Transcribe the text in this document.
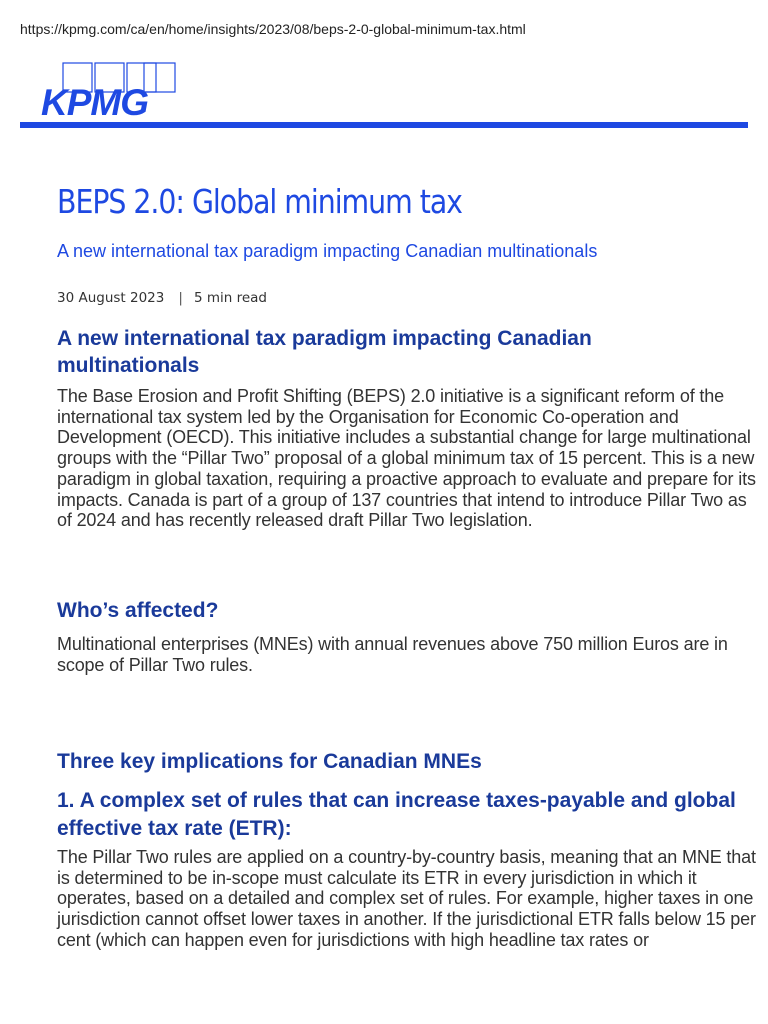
https://kpmg.com/ca/en/home/insights/2023/08/beps-2-0-global-minimum-tax.html
KPMG
BEPS 2.0: Global minimum tax

A new international tax paradigm impacting Canadian multinationals

30 August 2023 | 5 min read
A new international tax paradigm impacting Canadian multinationals

The Base Erosion and Profit Shifting (BEPS) 2.0 initiative is a significant reform of the international tax system led by the Organisation for Economic Co-operation and Development (OECD). This initiative includes a substantial change for large multinational groups with the “Pillar Two” proposal of a global minimum tax of 15 percent. This is a new paradigm in global taxation, requiring a proactive approach to evaluate and prepare for its impacts. Canada is part of a group of 137 countries that intend to introduce Pillar Two as of 2024 and has recently released draft Pillar Two legislation.

Who’s affected?

Multinational enterprises (MNEs) with annual revenues above 750 million Euros are in scope of Pillar Two rules.

Three key implications for Canadian MNEs
1. A complex set of rules that can increase taxes-payable and global effective tax rate (ETR):

The Pillar Two rules are applied on a country-by-country basis, meaning that an MNE that is determined to be in-scope must calculate its ETR in every jurisdiction in which it operates, based on a detailed and complex set of rules. For example, higher taxes in one jurisdiction cannot offset lower taxes in another. If the jurisdictional ETR falls below 15 per cent (which can happen even for jurisdictions with high headline tax rates or
